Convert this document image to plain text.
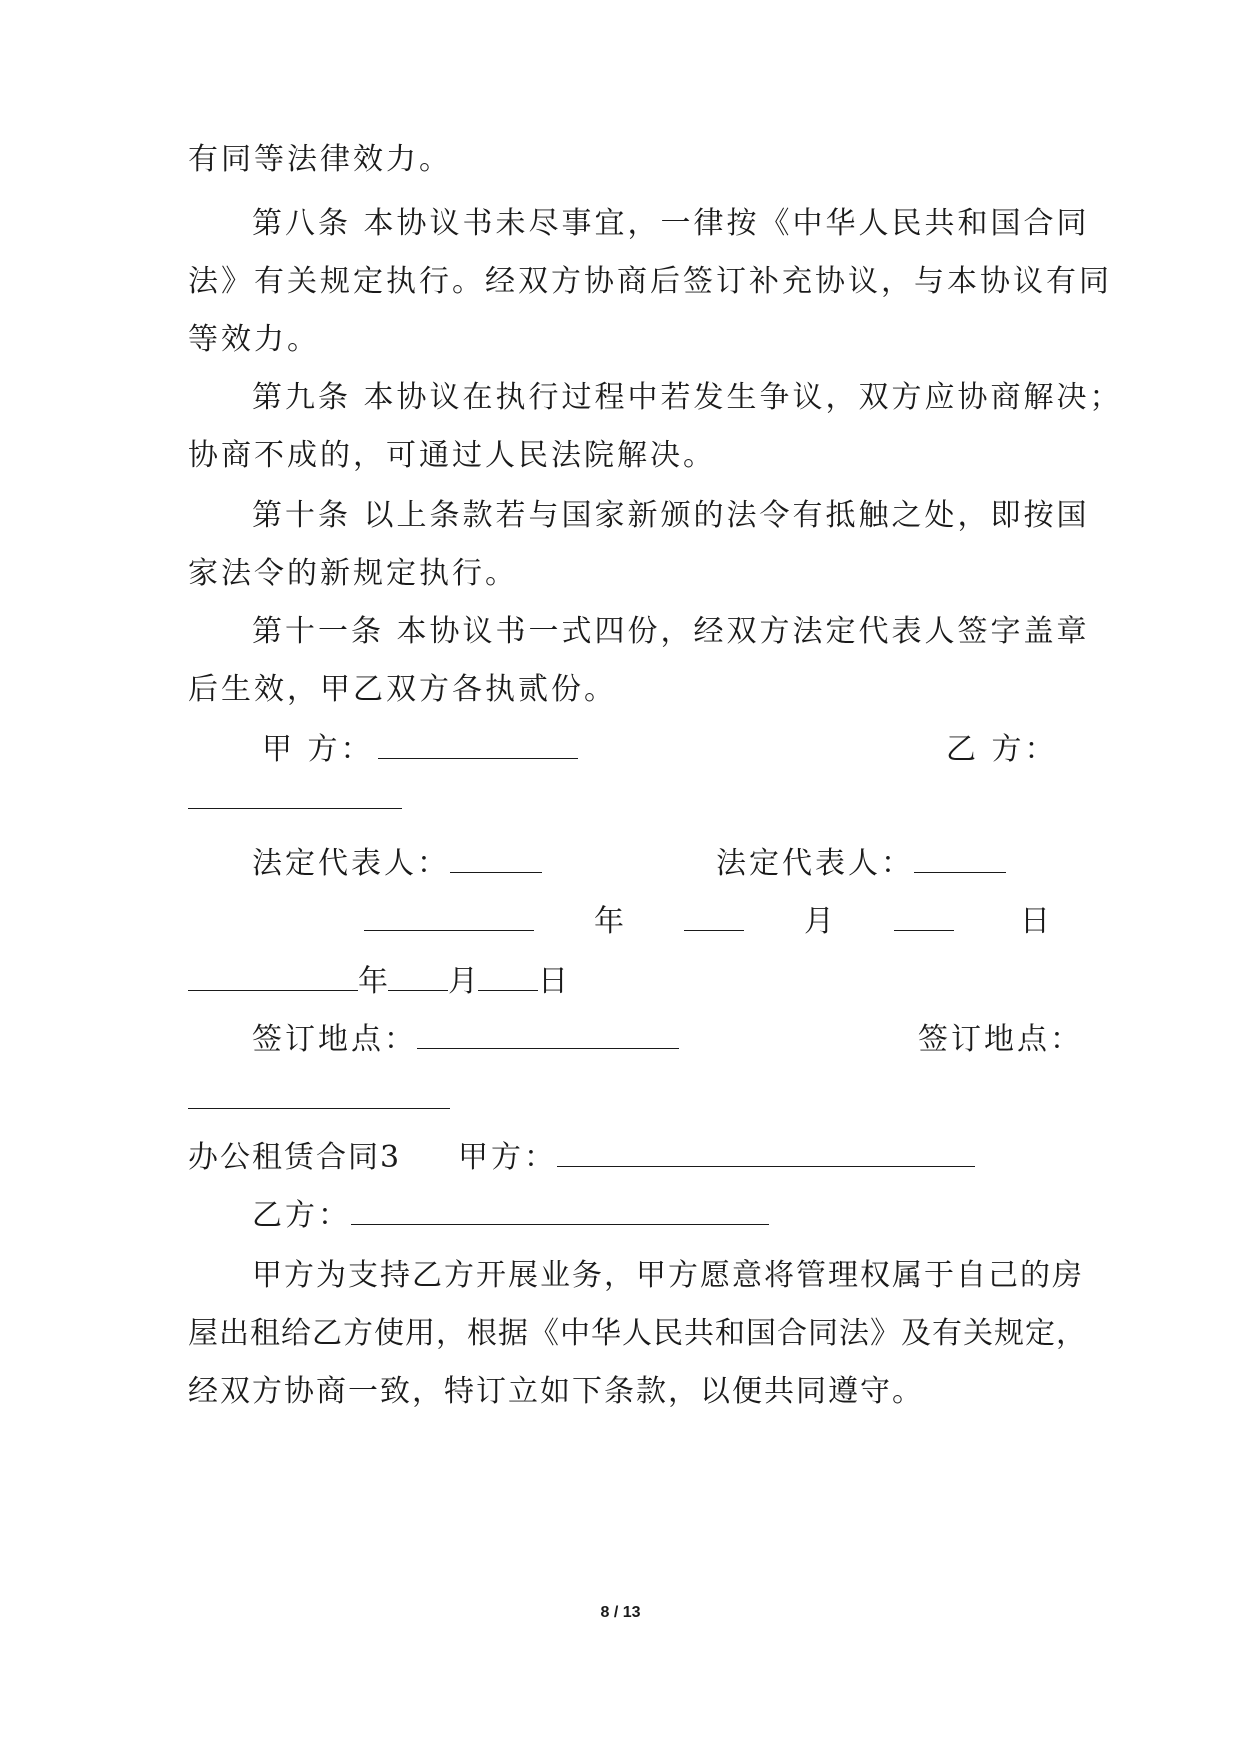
有同等法律效力。
第八条 本协议书未尽事宜，一律按《中华人民共和国合同
法》有关规定执行。经双方协商后签订补充协议，与本协议有同
等效力。
第九条 本协议在执行过程中若发生争议，双方应协商解决；
协商不成的，可通过人民法院解决。
第十条 以上条款若与国家新颁的法令有抵触之处，即按国
家法令的新规定执行。
第十一条 本协议书一式四份，经双方法定代表人签字盖章
后生效，甲乙双方各执贰份。
甲 方：	乙 方：
法定代表人：	法定代表人：
年	月	日
年 月 日
签订地点：	签订地点：
办公租赁合同3 甲方：
乙方：
甲方为支持乙方开展业务，甲方愿意将管理权属于自己的房
屋出租给乙方使用，根据《中华人民共和国合同法》及有关规定，
经双方协商一致，特订立如下条款，以便共同遵守。
8 / 13
